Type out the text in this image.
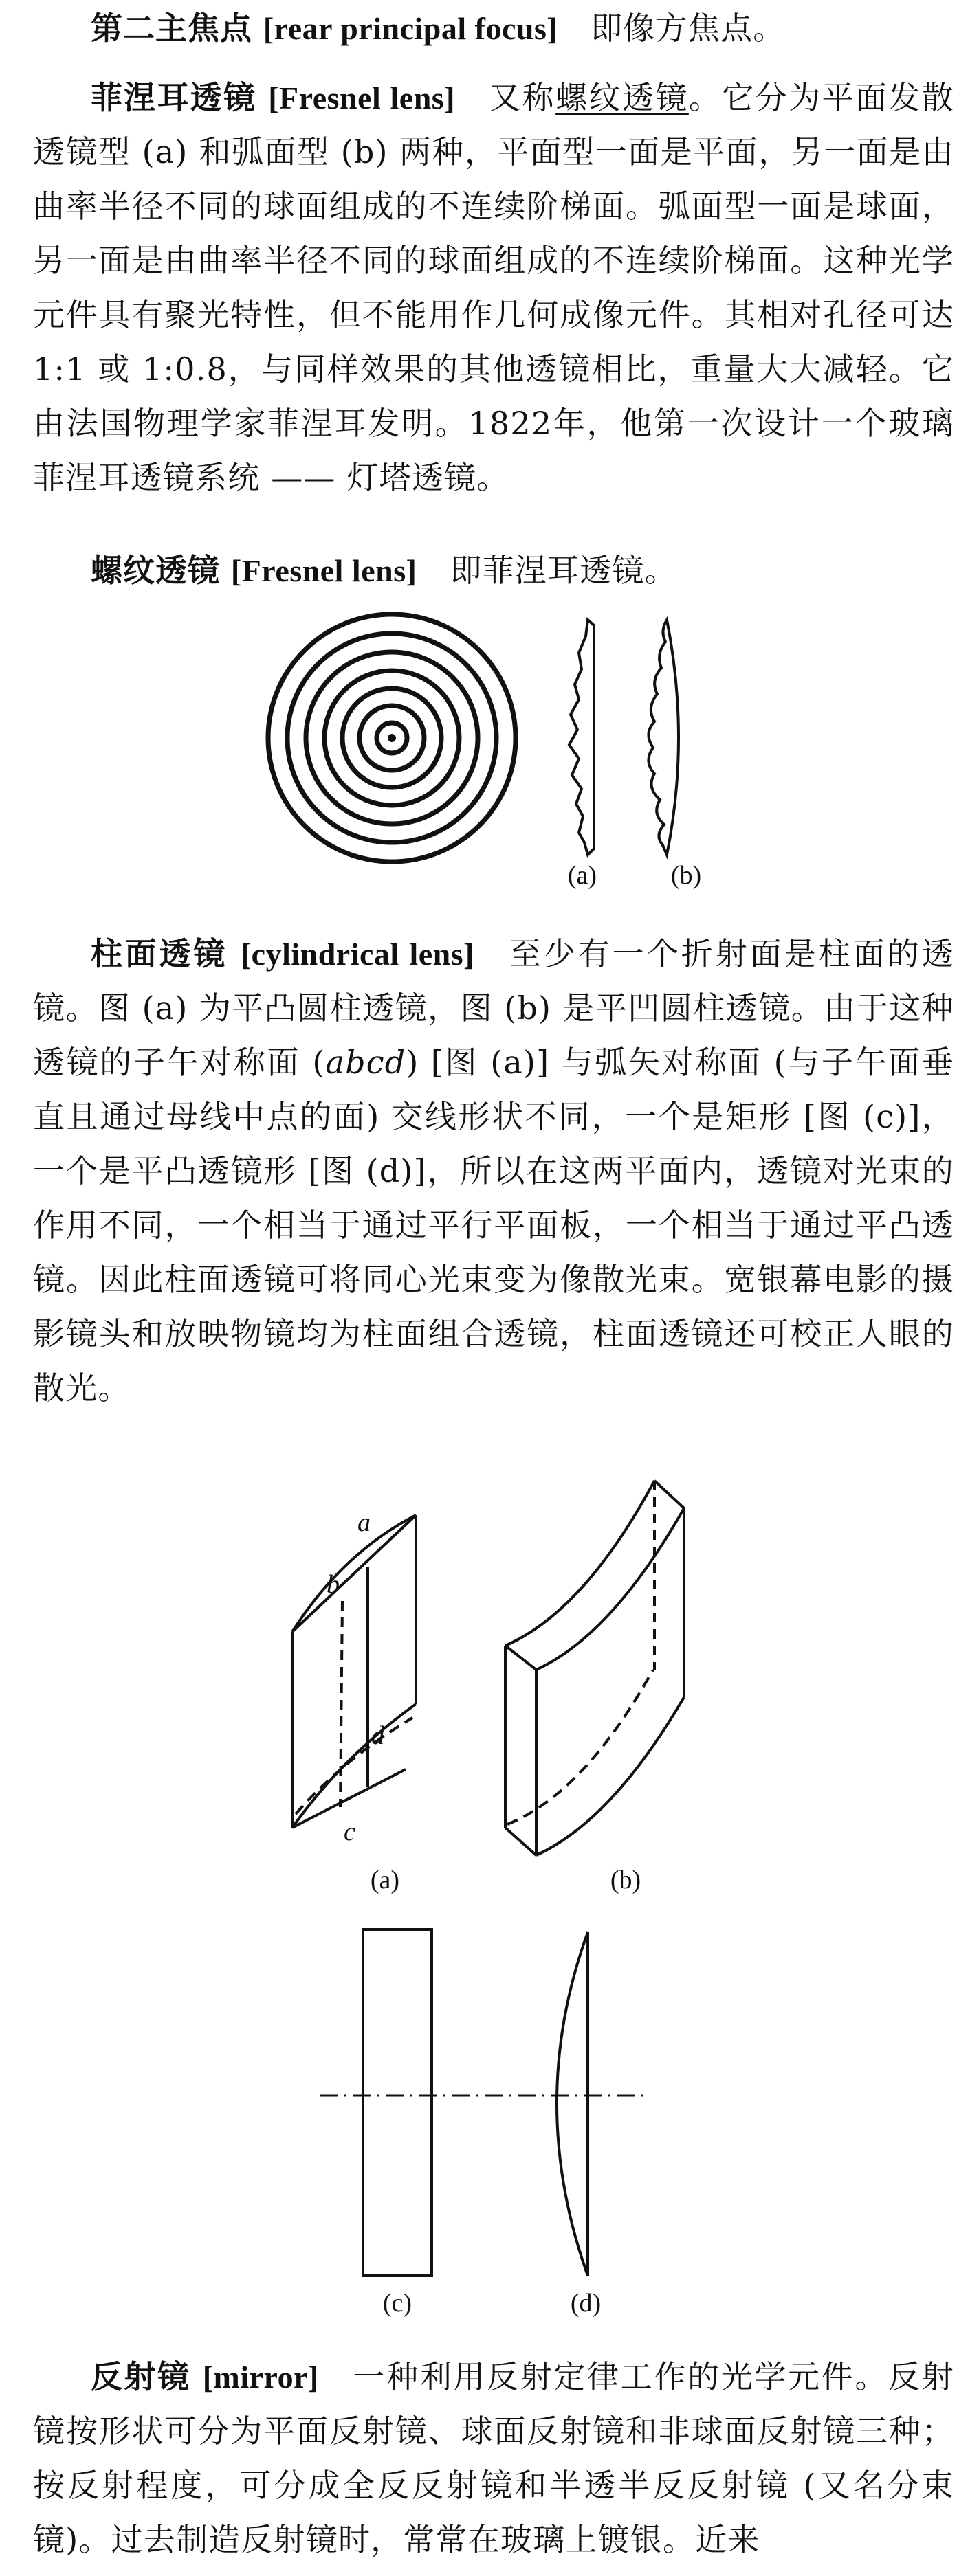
第二主焦点 [rear principal focus] 即像方焦点。

菲涅耳透镜 [Fresnel lens] 又称螺纹透镜。它分为平面发散透镜型 (a) 和弧面型 (b) 两种，平面型一面是平面，另一面是由曲率半径不同的球面组成的不连续阶梯面。弧面型一面是球面，另一面是由曲率半径不同的球面组成的不连续阶梯面。这种光学元件具有聚光特性，但不能用作几何成像元件。其相对孔径可达 1:1 或 1:0.8，与同样效果的其他透镜相比，重量大大减轻。它由法国物理学家菲涅耳发明。1822年，他第一次设计一个玻璃菲涅耳透镜系统 —— 灯塔透镜。

螺纹透镜 [Fresnel lens] 即菲涅耳透镜。

(a)	(b)

柱面透镜 [cylindrical lens] 至少有一个折射面是柱面的透镜。图 (a) 为平凸圆柱透镜，图 (b) 是平凹圆柱透镜。由于这种透镜的子午对称面 (abcd) [图 (a)] 与弧矢对称面 (与子午面垂直且通过母线中点的面) 交线形状不同，一个是矩形 [图 (c)]，一个是平凸透镜形 [图 (d)]，所以在这两平面内，透镜对光束的作用不同，一个相当于通过平行平面板，一个相当于通过平凸透镜。因此柱面透镜可将同心光束变为像散光束。宽银幕电影的摄影镜头和放映物镜均为柱面组合透镜，柱面透镜还可校正人眼的散光。

a
b
d
c
(a)	(b)
(c)	(d)

反射镜 [mirror] 一种利用反射定律工作的光学元件。反射镜按形状可分为平面反射镜、球面反射镜和非球面反射镜三种；按反射程度，可分成全反反射镜和半透半反反射镜 (又名分束镜)。过去制造反射镜时，常常在玻璃上镀银。近来
